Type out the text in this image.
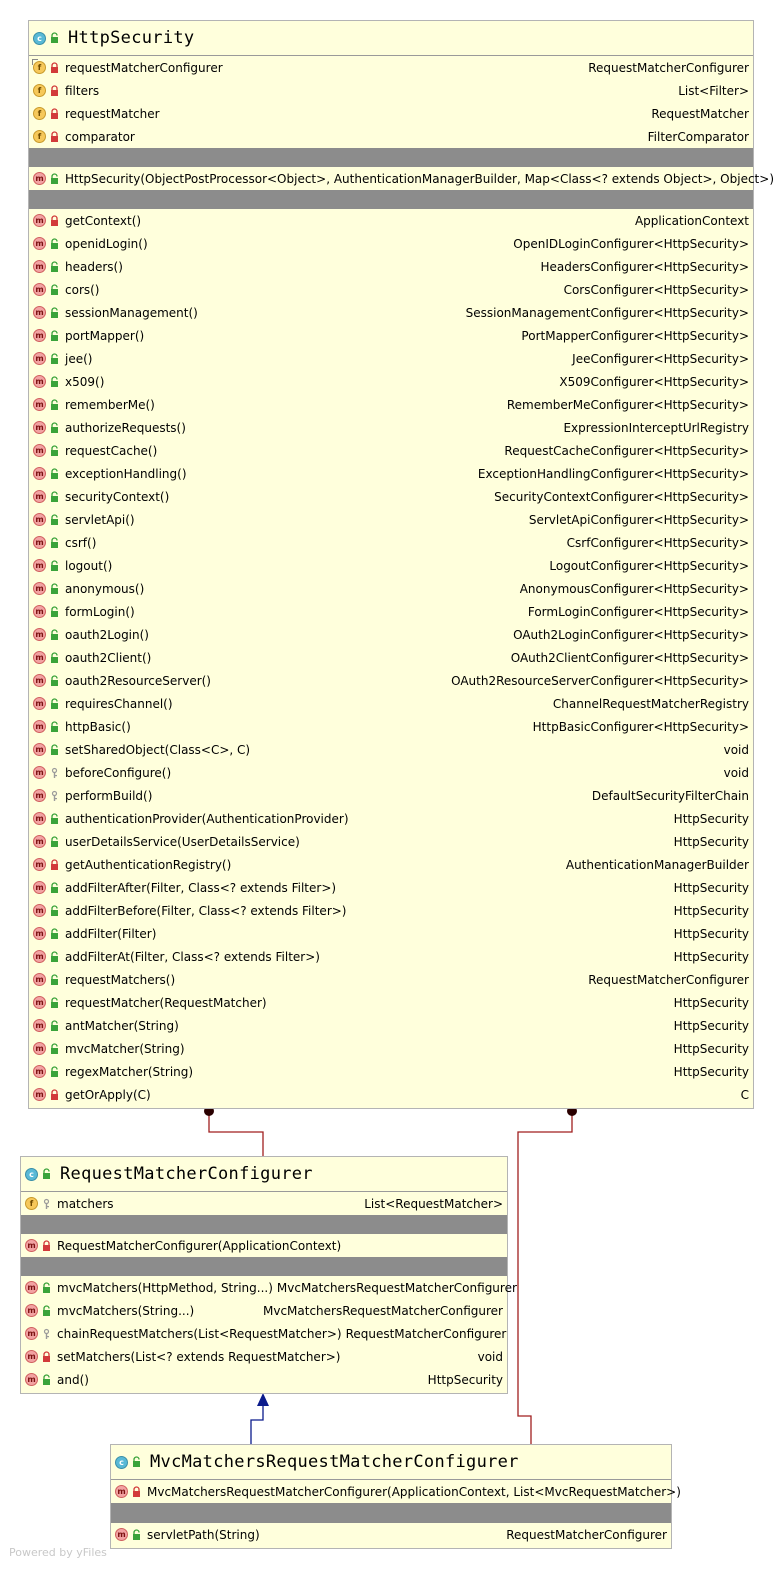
c HttpSecurity
f	requestMatcherConfigurer	RequestMatcherConfigurer
f	filters	List<Filter>
f	requestMatcher	RequestMatcher
f	comparator	FilterComparator
m HttpSecurity(ObjectPostProcessor<Object>, AuthenticationManagerBuilder, Map<Class<? extends Object>, Object>)
m getContext()	ApplicationContext
m openidLogin()	OpenIDLoginConfigurer<HttpSecurity>
m headers()	HeadersConfigurer<HttpSecurity>
m cors()	CorsConfigurer<HttpSecurity>
m sessionManagement()	SessionManagementConfigurer<HttpSecurity>
m portMapper()	PortMapperConfigurer<HttpSecurity>
m jee()	JeeConfigurer<HttpSecurity>
m x509()	X509Configurer<HttpSecurity>
m rememberMe()	RememberMeConfigurer<HttpSecurity>
m authorizeRequests()	ExpressionInterceptUrlRegistry
m requestCache()	RequestCacheConfigurer<HttpSecurity>
m exceptionHandling()	ExceptionHandlingConfigurer<HttpSecurity>
m securityContext()	SecurityContextConfigurer<HttpSecurity>
m servletApi()	ServletApiConfigurer<HttpSecurity>
m csrf()	CsrfConfigurer<HttpSecurity>
m logout()	LogoutConfigurer<HttpSecurity>
m anonymous()	AnonymousConfigurer<HttpSecurity>
m formLogin()	FormLoginConfigurer<HttpSecurity>
m oauth2Login()	OAuth2LoginConfigurer<HttpSecurity>
m oauth2Client()	OAuth2ClientConfigurer<HttpSecurity>
m oauth2ResourceServer()	OAuth2ResourceServerConfigurer<HttpSecurity>
m requiresChannel()	ChannelRequestMatcherRegistry
m httpBasic()	HttpBasicConfigurer<HttpSecurity>
m setSharedObject(Class<C>, C)	void
m beforeConfigure()	void
m performBuild()	DefaultSecurityFilterChain
m authenticationProvider(AuthenticationProvider)	HttpSecurity
m userDetailsService(UserDetailsService)	HttpSecurity
m getAuthenticationRegistry()	AuthenticationManagerBuilder
m addFilterAfter(Filter, Class<? extends Filter>)	HttpSecurity
m addFilterBefore(Filter, Class<? extends Filter>)	HttpSecurity
m addFilter(Filter)	HttpSecurity
m addFilterAt(Filter, Class<? extends Filter>)	HttpSecurity
m requestMatchers()	RequestMatcherConfigurer
m requestMatcher(RequestMatcher)	HttpSecurity
m antMatcher(String)	HttpSecurity
m mvcMatcher(String)	HttpSecurity
m regexMatcher(String)	HttpSecurity
m getOrApply(C)	C
c RequestMatcherConfigurer
f	matchers	List<RequestMatcher>
m RequestMatcherConfigurer(ApplicationContext)
m mvcMatchers(HttpMethod, String...) MvcMatchersRequestMatcherConfigurer
m mvcMatchers(String...)	MvcMatchersRequestMatcherConfigurer
m chainRequestMatchers(List<RequestMatcher>) RequestMatcherConfigurer
m setMatchers(List<? extends RequestMatcher>)	void
m and()	HttpSecurity
c MvcMatchersRequestMatcherConfigurer
m MvcMatchersRequestMatcherConfigurer(ApplicationContext, List<MvcRequestMatcher>)
m servletPath(String)	RequestMatcherConfigurer
Powered by yFiles
